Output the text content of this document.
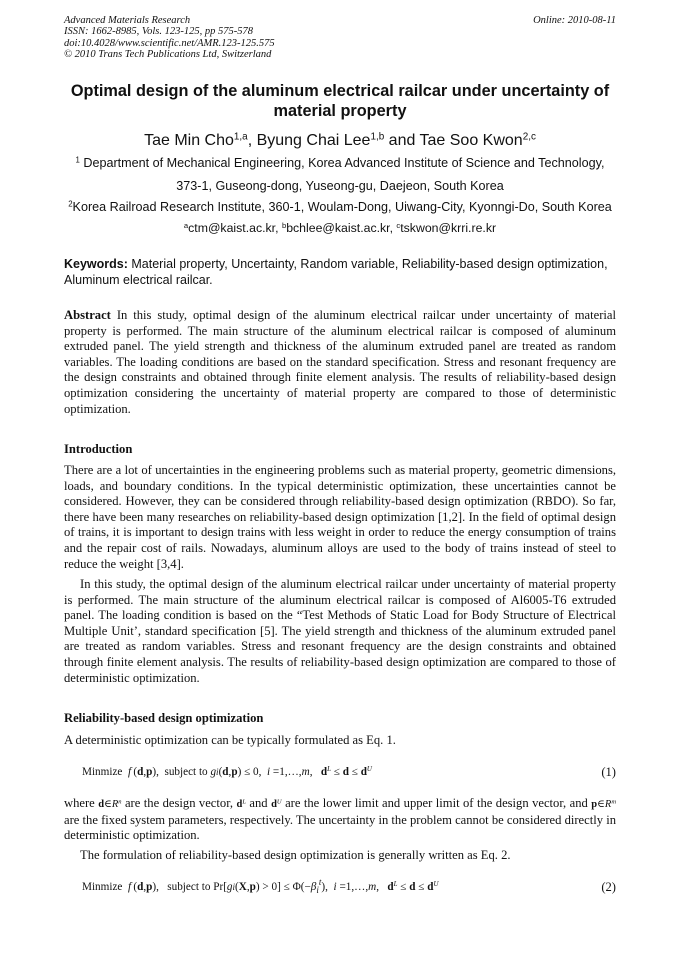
Advanced Materials Research
ISSN: 1662-8985, Vols. 123-125, pp 575-578
doi:10.4028/www.scientific.net/AMR.123-125.575
© 2010 Trans Tech Publications Ltd, Switzerland
Online: 2010-08-11
Optimal design of the aluminum electrical railcar under uncertainty of material property
Tae Min Cho$^{1,a}$, Byung Chai Lee$^{1,b}$ and Tae Soo Kwon$^{2,c}$
$^1$ Department of Mechanical Engineering, Korea Advanced Institute of Science and Technology,
373-1, Guseong-dong, Yuseong-gu, Daejeon, South Korea
$^2$Korea Railroad Research Institute, 360-1, Woulam-Dong, Uiwang-City, Kyonngi-Do, South Korea
$^a$ctm@kaist.ac.kr, $^b$bchlee@kaist.ac.kr, $^c$tskwon@krri.re.kr
Keywords: Material property, Uncertainty, Random variable, Reliability-based design optimization, Aluminum electrical railcar.
Abstract In this study, optimal design of the aluminum electrical railcar under uncertainty of material property is performed. The main structure of the aluminum electrical railcar is composed of aluminum extruded panel. The yield strength and thickness of the aluminum extruded panel are treated as random variables. The loading conditions are based on the standard specification. Stress and resonant frequency are the design constraints and obtained through finite element analysis. The results of reliability-based design optimization considering the uncertainty of material property are compared to those of deterministic optimization.
Introduction
There are a lot of uncertainties in the engineering problems such as material property, geometric dimensions, loads, and boundary conditions. In the typical deterministic optimization, these uncertainties cannot be considered. However, they can be considered through reliability-based design optimization (RBDO). So far, there have been many researches on reliability-based design optimization [1,2]. In the field of optimal design of trains, it is important to design trains with less weight in order to reduce the energy consumption of trains and the repair cost of rails. Nowadays, aluminum alloys are used to the body of trains instead of steel to reduce the weight [3,4].
In this study, the optimal design of the aluminum electrical railcar under uncertainty of material property is performed. The main structure of the aluminum electrical railcar is composed of Al6005-T6 extruded panel. The loading condition is based on the “Test Methods of Static Load for Body Structure of Electrical Multiple Unit’, standard specification [5]. The yield strength and thickness of the aluminum extruded panel are treated as random variables. Stress and resonant frequency are the design constraints and obtained through finite element analysis. The results of reliability-based design optimization are compared to those of deterministic optimization.
Reliability-based design optimization
A deterministic optimization can be typically formulated as Eq. 1.
Minmize  f (d,p),  subject to gi(d,p) ≤ 0,  i =1,…,m,   $d^L \le d \le d^U$	(1)
where $d\in R^n$ are the design vector, $d^L$ and $d^U$ are the lower limit and upper limit of the design vector, and $p\in R^m$ are the fixed system parameters, respectively. The uncertainty in the problem cannot be considered directly in deterministic optimization.
The formulation of reliability-based design optimization is generally written as Eq. 2.
Minmize  f (d,p),   subject to $Pr[gi(X,p) > 0] \le \Phi(-\beta_i^t)$,  i =1,…,m,   $d^L \le d \le d^U$	(2)
